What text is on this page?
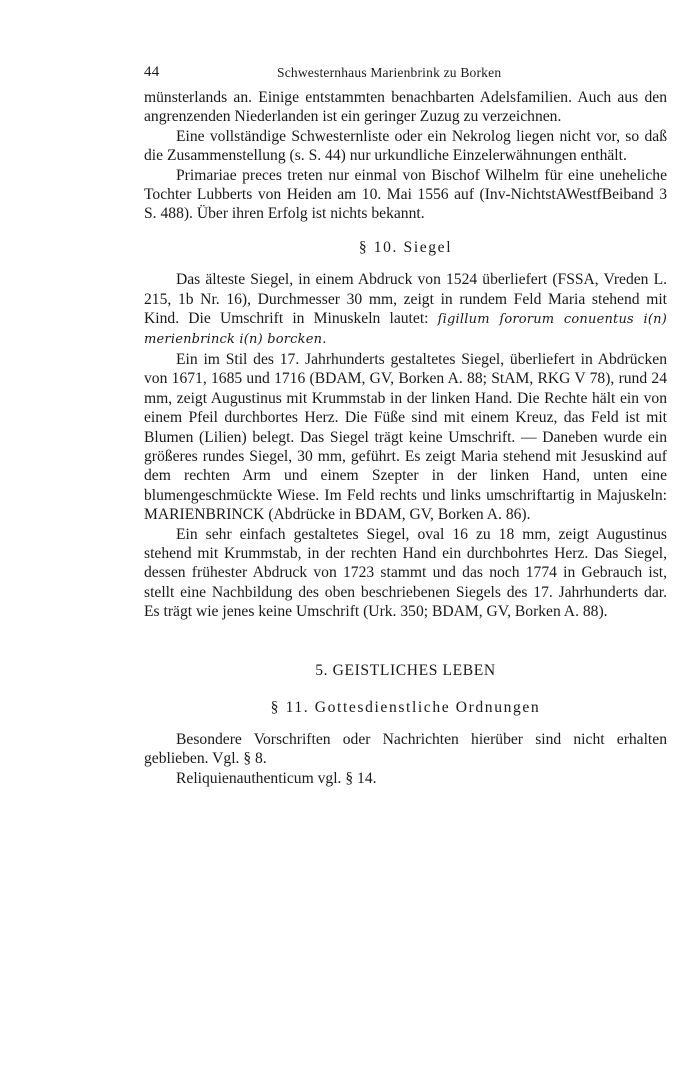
44	Schwesternhaus Marienbrink zu Borken

münsterlands an. Einige entstammten benachbarten Adelsfamilien. Auch aus den angrenzenden Niederlanden ist ein geringer Zuzug zu verzeichnen.

Eine vollständige Schwesternliste oder ein Nekrolog liegen nicht vor, so daß die Zusammenstellung (s. S. 44) nur urkundliche Einzelerwähnungen enthält.

Primariae preces treten nur einmal von Bischof Wilhelm für eine uneheliche Tochter Lubberts von Heiden am 10. Mai 1556 auf (Inv-NichtstAWestfBeiband 3 S. 488). Über ihren Erfolg ist nichts bekannt.

§ 10. Siegel

Das älteste Siegel, in einem Abdruck von 1524 überliefert (FSSA, Vreden L. 215, 1b Nr. 16), Durchmesser 30 mm, zeigt in rundem Feld Maria stehend mit Kind. Die Umschrift in Minuskeln lautet: ſigillum ſororum conuentus i(n) merienbrinck i(n) borcken.

Ein im Stil des 17. Jahrhunderts gestaltetes Siegel, überliefert in Abdrücken von 1671, 1685 und 1716 (BDAM, GV, Borken A. 88; StAM, RKG V 78), rund 24 mm, zeigt Augustinus mit Krummstab in der linken Hand. Die Rechte hält ein von einem Pfeil durchbortes Herz. Die Füße sind mit einem Kreuz, das Feld ist mit Blumen (Lilien) belegt. Das Siegel trägt keine Umschrift. — Daneben wurde ein größeres rundes Siegel, 30 mm, geführt. Es zeigt Maria stehend mit Jesuskind auf dem rechten Arm und einem Szepter in der linken Hand, unten eine blumengeschmückte Wiese. Im Feld rechts und links umschriftartig in Majuskeln: MARIENBRINCK (Abdrücke in BDAM, GV, Borken A. 86).

Ein sehr einfach gestaltetes Siegel, oval 16 zu 18 mm, zeigt Augustinus stehend mit Krummstab, in der rechten Hand ein durchbohrtes Herz. Das Siegel, dessen frühester Abdruck von 1723 stammt und das noch 1774 in Gebrauch ist, stellt eine Nachbildung des oben beschriebenen Siegels des 17. Jahrhunderts dar. Es trägt wie jenes keine Umschrift (Urk. 350; BDAM, GV, Borken A. 88).

5. GEISTLICHES LEBEN
§ 11. Gottesdienstliche Ordnungen

Besondere Vorschriften oder Nachrichten hierüber sind nicht erhalten geblieben. Vgl. § 8.

Reliquienauthenticum vgl. § 14.
